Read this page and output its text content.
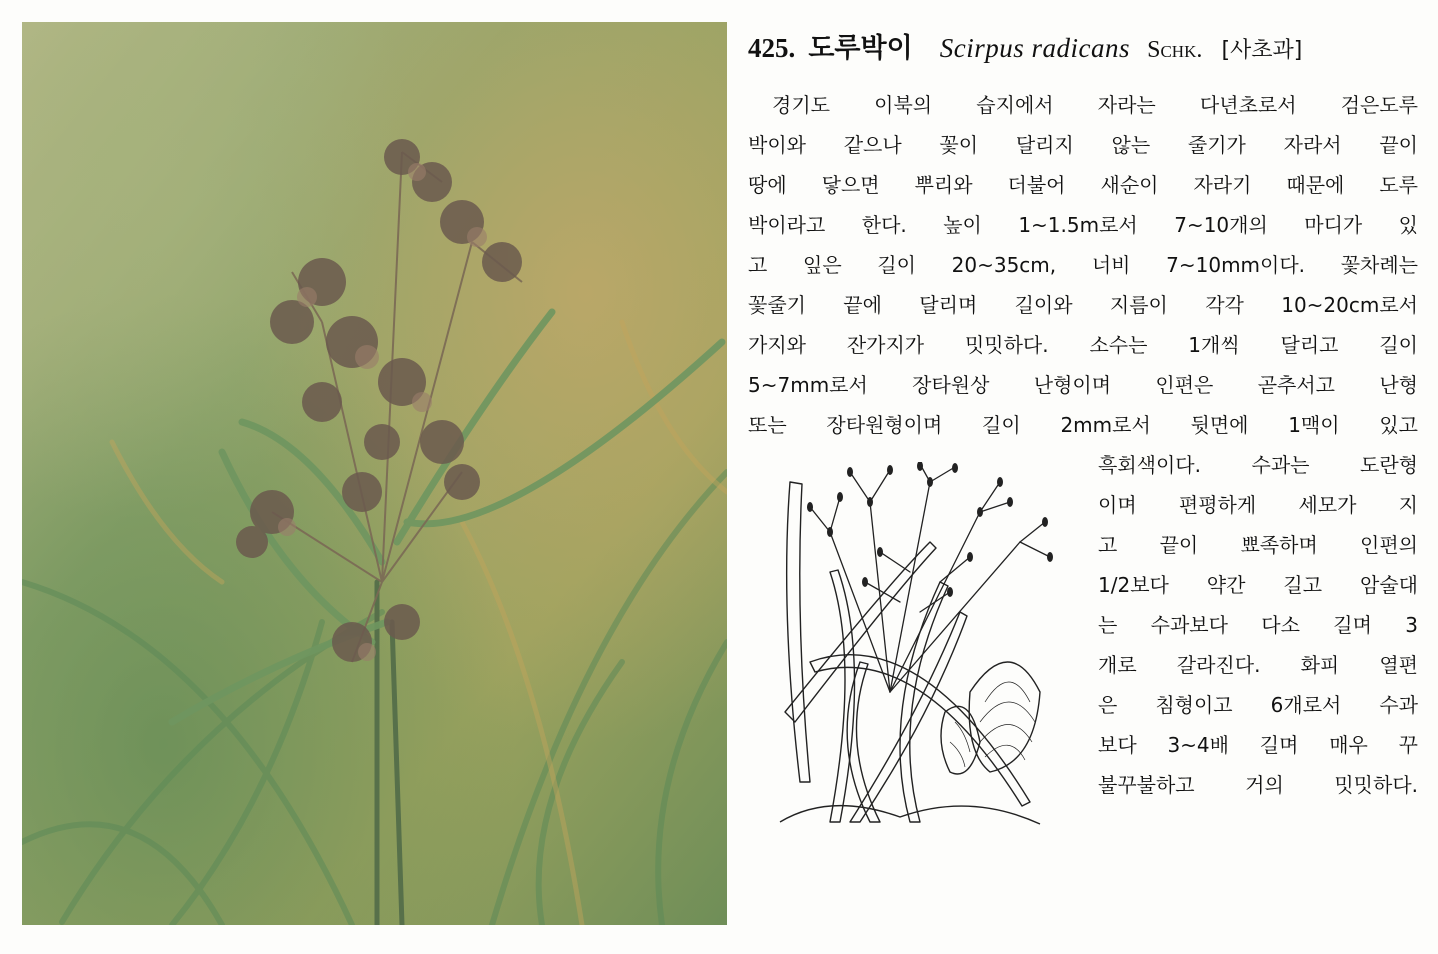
425. 도루박이 Scirpus radicans Schk. [사초과]
경기도 이북의 습지에서 자라는 다년초로서 검은도루
박이와 같으나 꽃이 달리지 않는 줄기가 자라서 끝이
땅에 닿으면 뿌리와 더불어 새순이 자라기 때문에 도루
박이라고 한다. 높이 1~1.5m로서 7~10개의 마디가 있
고 잎은 길이 20~35cm, 너비 7~10mm이다. 꽃차례는
꽃줄기 끝에 달리며 길이와 지름이 각각 10~20cm로서
가지와 잔가지가 밋밋하다. 소수는 1개씩 달리고 길이
5~7mm로서 장타원상 난형이며 인편은 곧추서고 난형
또는 장타원형이며 길이 2mm로서 뒷면에 1맥이 있고
흑회색이다. 수과는 도란형
이며 편평하게 세모가 지
고 끝이 뾰족하며 인편의
1/2보다 약간 길고 암술대
는 수과보다 다소 길며 3
개로 갈라진다. 화피 열편
은 침형이고 6개로서 수과
보다 3~4배 길며 매우 꾸
불꾸불하고 거의 밋밋하다.
